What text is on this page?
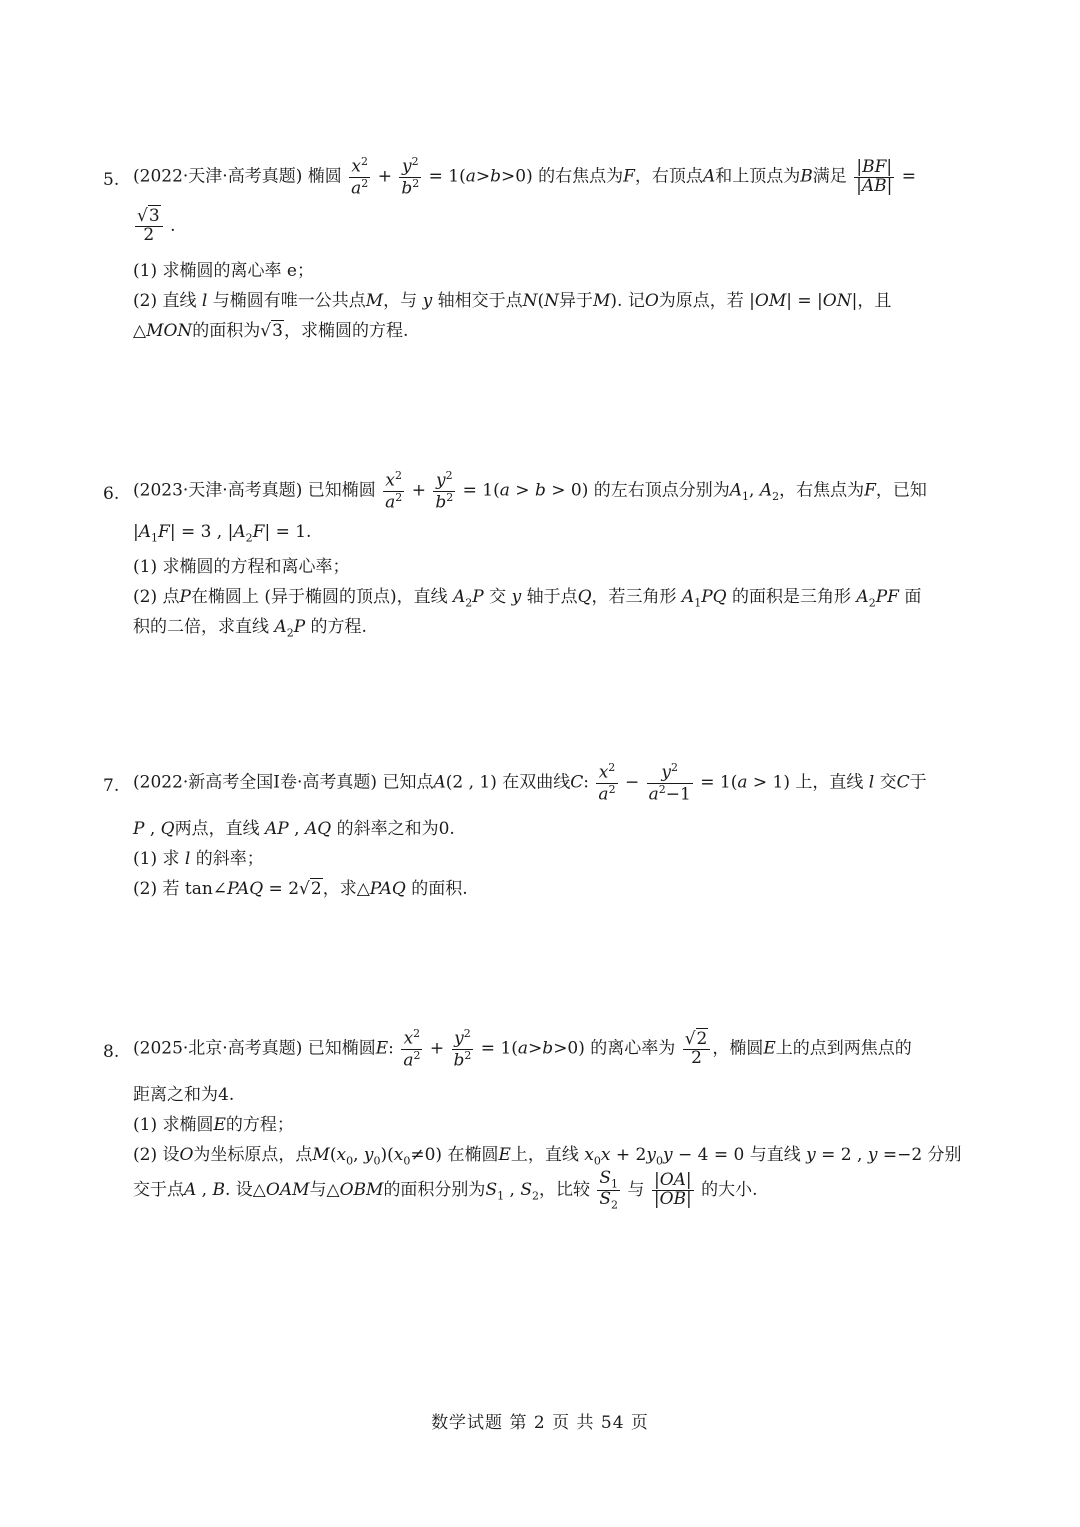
5. (2022·天津·高考真题) 椭圆 $\frac{x^2}{a^2} + \frac{y^2}{b^2} = 1(a>b>0)$ 的右焦点为F，右顶点A和上顶点为B满足 $\frac{|BF|}{|AB|}$ =
$\frac{√3}{2}$ .
(1) 求椭圆的离心率 e；
(2) 直线 l 与椭圆有唯一公共点M，与 y 轴相交于点N(N异于M). 记O为原点，若 |OM| = |ON|，且
△MON的面积为√3，求椭圆的方程.
6. (2023·天津·高考真题) 已知椭圆 $\frac{x^2}{a^2} + \frac{y^2}{b^2} = 1(a > b > 0)$ 的左右顶点分别为$A_1$, $A_2$，右焦点为F，已知
$|A_1F| = 3$ , $|A_2F| = 1$.
(1) 求椭圆的方程和离心率；
(2) 点P在椭圆上 (异于椭圆的顶点)，直线 $A_2P$ 交 y 轴于点Q，若三角形 $A_1PQ$ 的面积是三角形 $A_2PF$ 面
积的二倍，求直线 $A_2P$ 的方程.
7. (2022·新高考全国Ⅰ卷·高考真题) 已知点A(2 , 1) 在双曲线C: $\frac{x^2}{a^2} - \frac{y^2}{a^2-1} = 1(a > 1)$ 上，直线 l 交C于
P , Q两点，直线 AP , AQ 的斜率之和为0.
(1) 求 l 的斜率；
(2) 若 tan∠PAQ = 2√2，求△PAQ 的面积.
8. (2025·北京·高考真题) 已知椭圆E: $\frac{x^2}{a^2} + \frac{y^2}{b^2} = 1(a>b>0)$ 的离心率为 $\frac{√2}{2}$ ，椭圆E上的点到两焦点的
距离之和为4.
(1) 求椭圆E的方程；
(2) 设O为坐标原点，点$M(x_0$, $y_0)(x_0\ne 0)$ 在椭圆E上，直线 $x_0x + 2y_0y - 4 = 0$ 与直线 y = 2 , y =−2 分别
交于点A , B. 设△OAM与△OBM的面积分别为$S_1$ , $S_2$，比较 $\frac{S_1}{S_2}$ 与 $\frac{|OA|}{|OB|}$ 的大小.
数学试题 第 2 页 共 54 页
